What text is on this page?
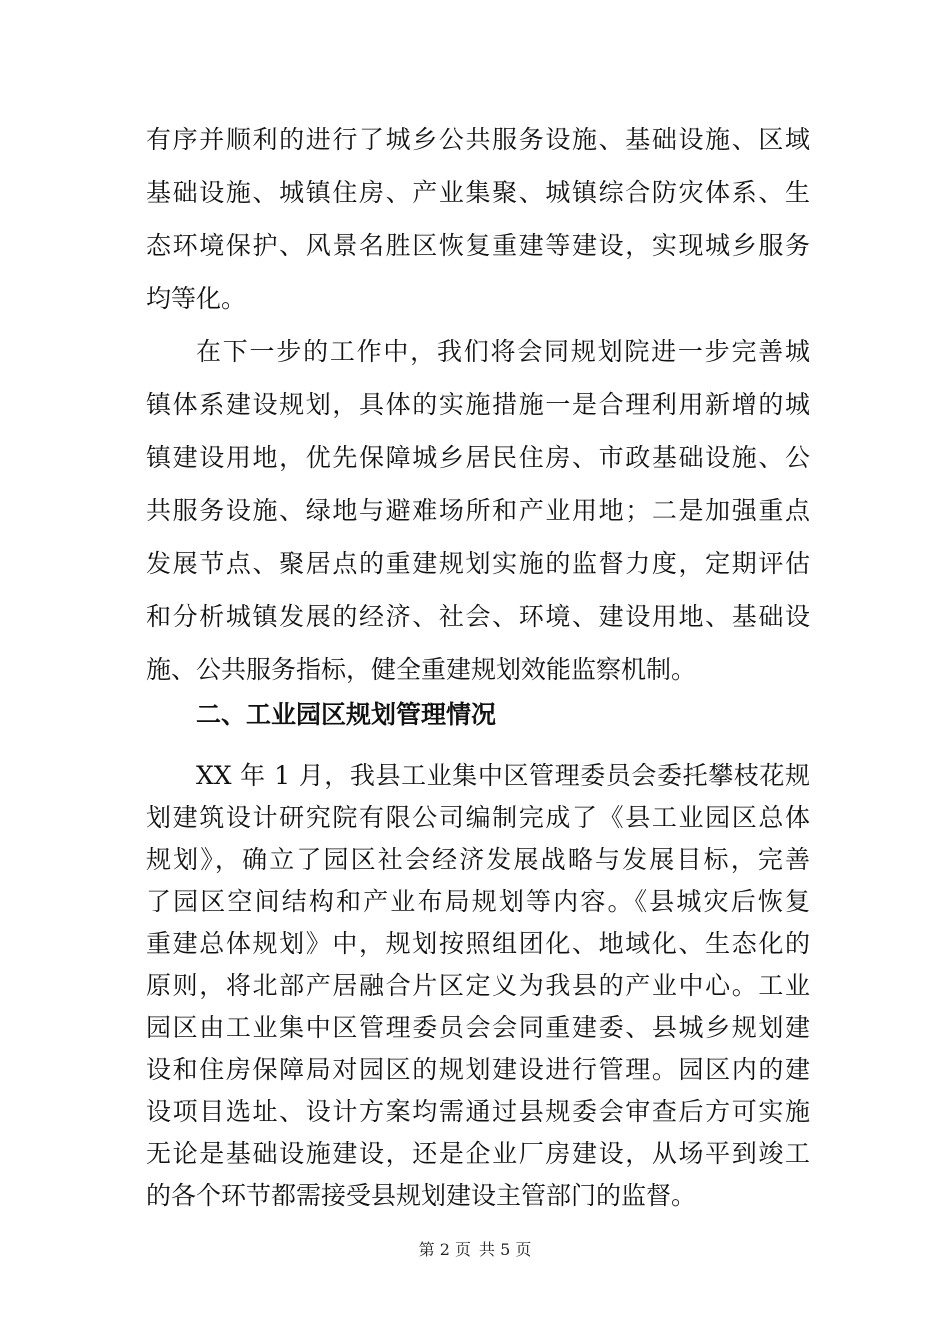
有序并顺利的进行了城乡公共服务设施、基础设施、区域
基础设施、城镇住房、产业集聚、城镇综合防灾体系、生
态环境保护、风景名胜区恢复重建等建设，实现城乡服务
均等化。
在下一步的工作中，我们将会同规划院进一步完善城
镇体系建设规划，具体的实施措施一是合理利用新增的城
镇建设用地，优先保障城乡居民住房、市政基础设施、公
共服务设施、绿地与避难场所和产业用地；二是加强重点
发展节点、聚居点的重建规划实施的监督力度，定期评估
和分析城镇发展的经济、社会、环境、建设用地、基础设
施、公共服务指标，健全重建规划效能监察机制。
二、工业园区规划管理情况
XX 年 1 月，我县工业集中区管理委员会委托攀枝花规
划建筑设计研究院有限公司编制完成了《县工业园区总体
规划》，确立了园区社会经济发展战略与发展目标，完善
了园区空间结构和产业布局规划等内容。《县城灾后恢复
重建总体规划》中，规划按照组团化、地域化、生态化的
原则，将北部产居融合片区定义为我县的产业中心。工业
园区由工业集中区管理委员会会同重建委、县城乡规划建
设和住房保障局对园区的规划建设进行管理。园区内的建
设项目选址、设计方案均需通过县规委会审查后方可实施
无论是基础设施建设，还是企业厂房建设，从场平到竣工
的各个环节都需接受县规划建设主管部门的监督。
第 2 页 共 5 页
